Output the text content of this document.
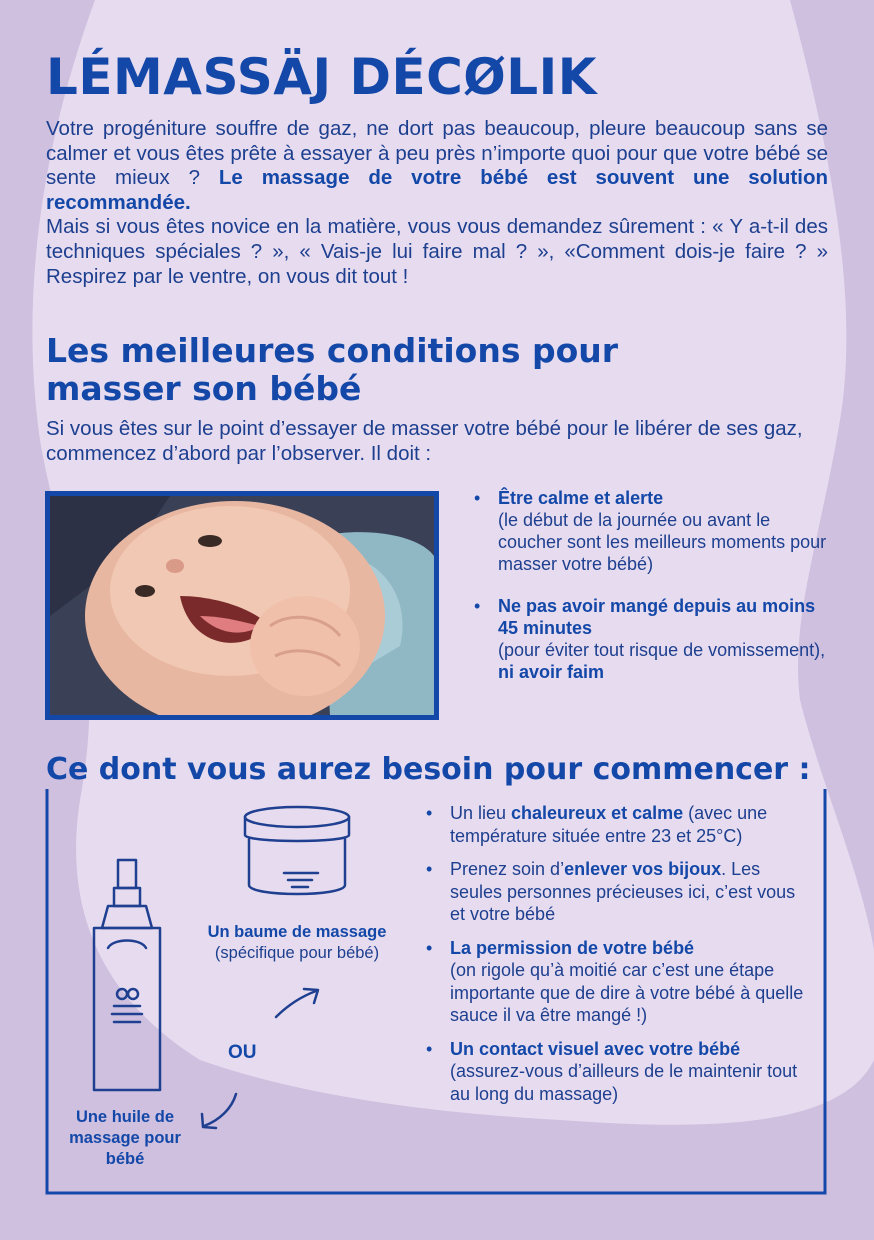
LÉMASSÄJ DÉCØLIK

Votre progéniture souffre de gaz, ne dort pas beaucoup, pleure beaucoup sans se calmer et vous êtes prête à essayer à peu près n’importe quoi pour que votre bébé se sente mieux ? Le massage de votre bébé est souvent une solution recommandée.
Mais si vous êtes novice en la matière, vous vous demandez sûrement : « Y a-t-il des techniques spéciales ? », « Vais-je lui faire mal ? », «Comment dois-je faire ? » Respirez par le ventre, on vous dit tout !

Les meilleures conditions pour masser son bébé

Si vous êtes sur le point d’essayer de masser votre bébé pour le libérer de ses gaz, commencez d’abord par l’observer. Il doit :

• Être calme et alerte
(le début de la journée ou avant le coucher sont les meilleurs moments pour masser votre bébé)
• Ne pas avoir mangé depuis au moins 45 minutes
(pour éviter tout risque de vomissement),
ni avoir faim
Ce dont vous aurez besoin pour commencer :
Un baume de massage
(spécifique pour bébé)
OU
Une huile de massage pour bébé
• Un lieu chaleureux et calme (avec une température située entre 23 et 25°C)
• Prenez soin d’enlever vos bijoux. Les seules personnes précieuses ici, c’est vous et votre bébé
• La permission de votre bébé
(on rigole qu’à moitié car c’est une étape importante que de dire à votre bébé à quelle sauce il va être mangé !)
• Un contact visuel avec votre bébé
(assurez-vous d’ailleurs de le maintenir tout au long du massage)
